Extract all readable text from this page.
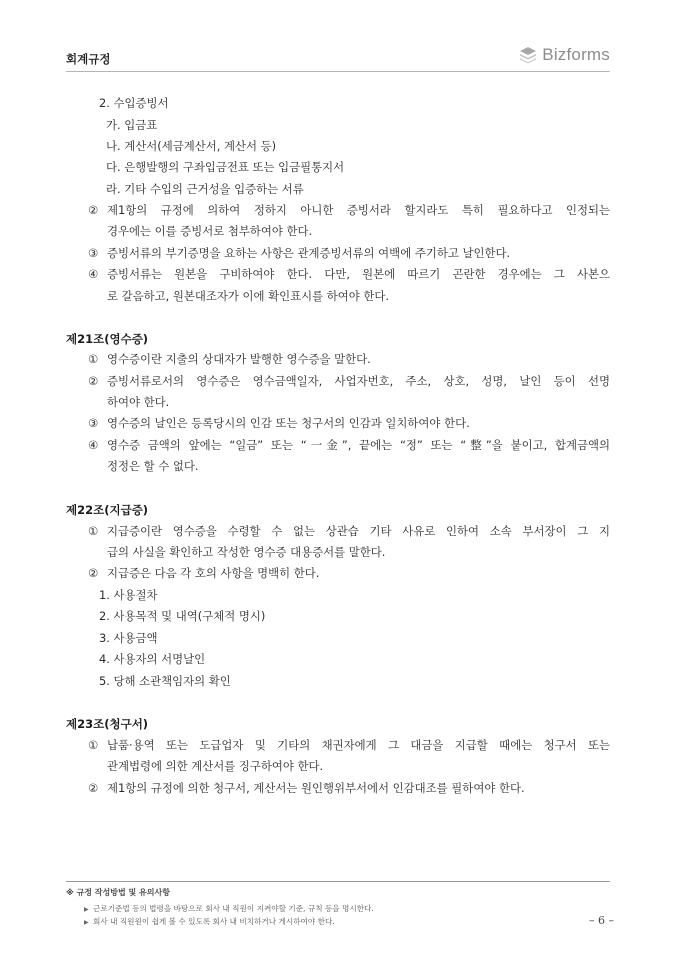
회계규정	Bizforms
2. 수입증빙서
가. 입금표
나. 계산서(세금계산서, 계산서 등)
다. 은행발행의 구좌입금전표 또는 입금필통지서
라. 기타 수입의 근거성을 입증하는 서류
② 제1항의 규정에 의하여 정하지 아니한 증빙서라 할지라도 특히 필요하다고 인정되는
경우에는 이를 증빙서로 첨부하여야 한다.
③ 증빙서류의 부기증명을 요하는 사항은 관계증빙서류의 여백에 주기하고 날인한다.
④ 증빙서류는 원본을 구비하여야 한다. 다만, 원본에 따르기 곤란한 경우에는 그 사본으
로 갈음하고, 원본대조자가 이에 확인표시를 하여야 한다.
제21조(영수증)
① 영수증이란 지출의 상대자가 발행한 영수증을 말한다.
② 증빙서류로서의 영수증은 영수금액일자, 사업자번호, 주소, 상호, 성명, 날인 등이 선명
하여야 한다.
③ 영수증의 날인은 등록당시의 인감 또는 청구서의 인감과 일치하여야 한다.
④ 영수증 금액의 앞에는 “일금” 또는 “一金”, 끝에는 “정” 또는 “整”을 붙이고, 합계금액의
정정은 할 수 없다.
제22조(지급증)
① 지급증이란 영수증을 수령할 수 없는 상관습 기타 사유로 인하여 소속 부서장이 그 지
급의 사실을 확인하고 작성한 영수증 대용증서를 말한다.
② 지급증은 다음 각 호의 사항을 명백히 한다.
1. 사용절차
2. 사용목적 및 내역(구체적 명시)
3. 사용금액
4. 사용자의 서명날인
5. 당해 소관책임자의 확인
제23조(청구서)
① 납품·용역 또는 도급업자 및 기타의 채권자에게 그 대금을 지급할 때에는 청구서 또는
관계법령에 의한 계산서를 징구하여야 한다.
② 제1항의 규정에 의한 청구서, 계산서는 원인행위부서에서 인감대조를 필하여야 한다.
※ 규정 작성방법 및 유의사항
▶ 근로기준법 등의 법령을 바탕으로 회사 내 직원이 지켜야할 기준, 규칙 등을 명시한다.
▶ 회사 내 직원원이 쉽게 볼 수 있도록 회사 내 비치하거나 게시하여야 한다.	– 6 –
